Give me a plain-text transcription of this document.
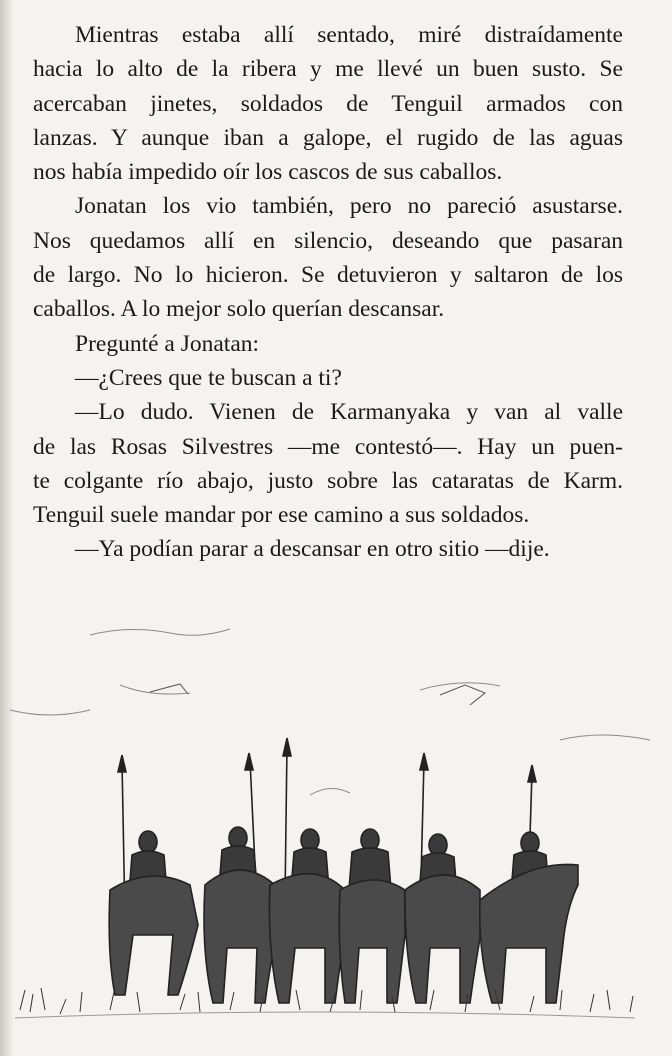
Mientras estaba allí sentado, miré distraídamente
hacia lo alto de la ribera y me llevé un buen susto. Se
acercaban jinetes, soldados de Tenguil armados con
lanzas. Y aunque iban a galope, el rugido de las aguas
nos había impedido oír los cascos de sus caballos.
Jonatan los vio también, pero no pareció asustarse.
Nos quedamos allí en silencio, deseando que pasaran
de largo. No lo hicieron. Se detuvieron y saltaron de los
caballos. A lo mejor solo querían descansar.
Pregunté a Jonatan:
—¿Crees que te buscan a ti?
—Lo dudo. Vienen de Karmanyaka y van al valle
de las Rosas Silvestres —me contestó—. Hay un puen-
te colgante río abajo, justo sobre las cataratas de Karm.
Tenguil suele mandar por ese camino a sus soldados.
—Ya podían parar a descansar en otro sitio —dije.
